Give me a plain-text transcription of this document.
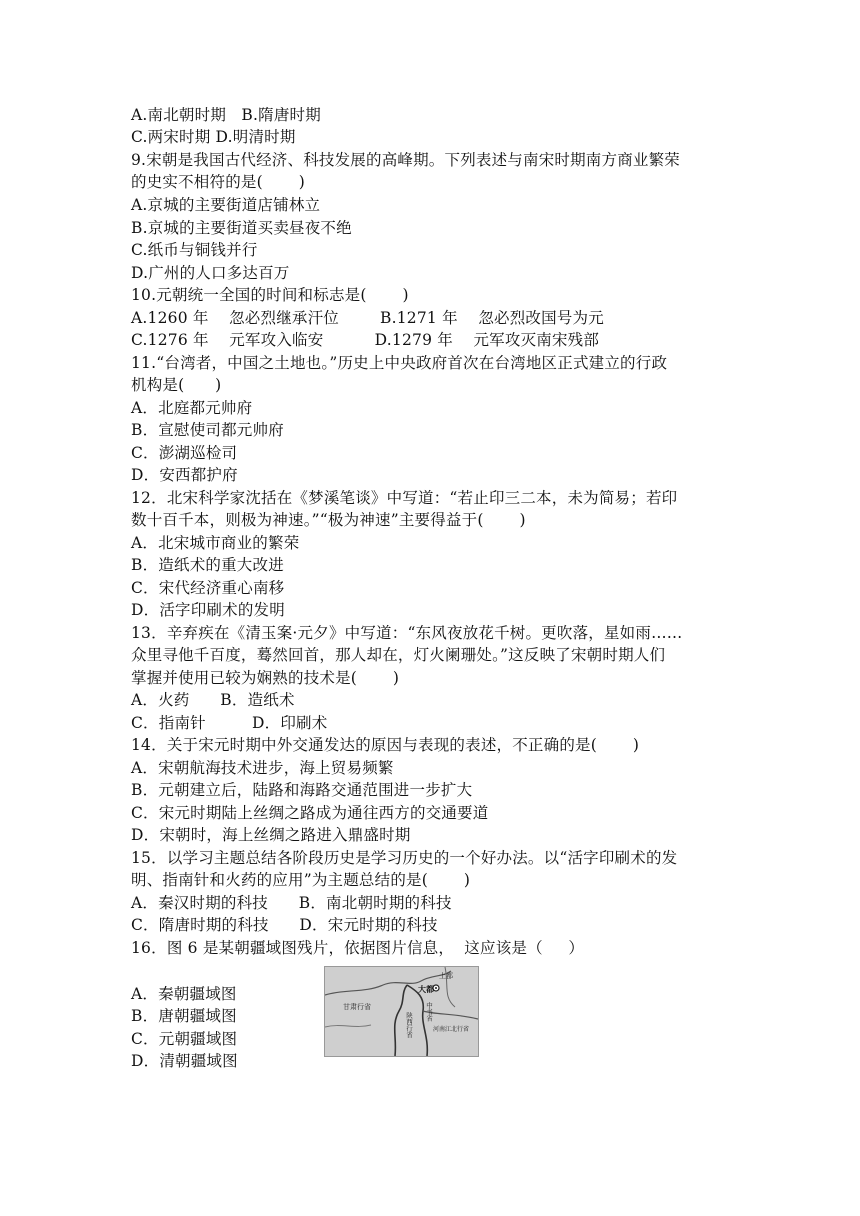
A.南北朝时期   B.隋唐时期
C.两宋时期 D.明清时期
9.宋朝是我国古代经济、科技发展的高峰期。下列表述与南宋时期南方商业繁荣
的史实不相符的是(       )
A.京城的主要街道店铺林立
B.京城的主要街道买卖昼夜不绝
C.纸币与铜钱并行
D.广州的人口多达百万
10.元朝统一全国的时间和标志是(       )
A.1260 年    忽必烈继承汗位        B.1271 年    忽必烈改国号为元
C.1276 年    元军攻入临安          D.1279 年    元军攻灭南宋残部
11.“台湾者，中国之土地也。”历史上中央政府首次在台湾地区正式建立的行政
机构是(      )
A．北庭都元帅府
B．宣慰使司都元帅府
C．澎湖巡检司
D．安西都护府
12．北宋科学家沈括在《梦溪笔谈》中写道：“若止印三二本，未为简易；若印
数十百千本，则极为神速。”“极为神速”主要得益于(       )
A．北宋城市商业的繁荣
B．造纸术的重大改进
C．宋代经济重心南移
D．活字印刷术的发明
13．辛弃疾在《清玉案·元夕》中写道：“东风夜放花千树。更吹落，星如雨……
众里寻他千百度，蓦然回首，那人却在，灯火阑珊处。”这反映了宋朝时期人们
掌握并使用已较为娴熟的技术是(       )
A．火药      B．造纸术
C．指南针         D．印刷术
14．关于宋元时期中外交通发达的原因与表现的表述，不正确的是(       )
A．宋朝航海技术进步，海上贸易频繁
B．元朝建立后，陆路和海路交通范围进一步扩大
C．宋元时期陆上丝绸之路成为通往西方的交通要道
D．宋朝时，海上丝绸之路进入鼎盛时期
15．以学习主题总结各阶段历史是学习历史的一个好办法。以“活字印刷术的发
明、指南针和火药的应用”为主题总结的是(       )
A．秦汉时期的科技      B．南北朝时期的科技
C．隋唐时期的科技      D．宋元时期的科技
16．图 6 是某朝疆域图残片，依据图片信息，  这应该是（     ）
A．秦朝疆域图
B．唐朝疆域图
C．元朝疆域图
D．清朝疆域图
上都
大都
中书省
甘肃行省
陕西行省	河南江北行省
